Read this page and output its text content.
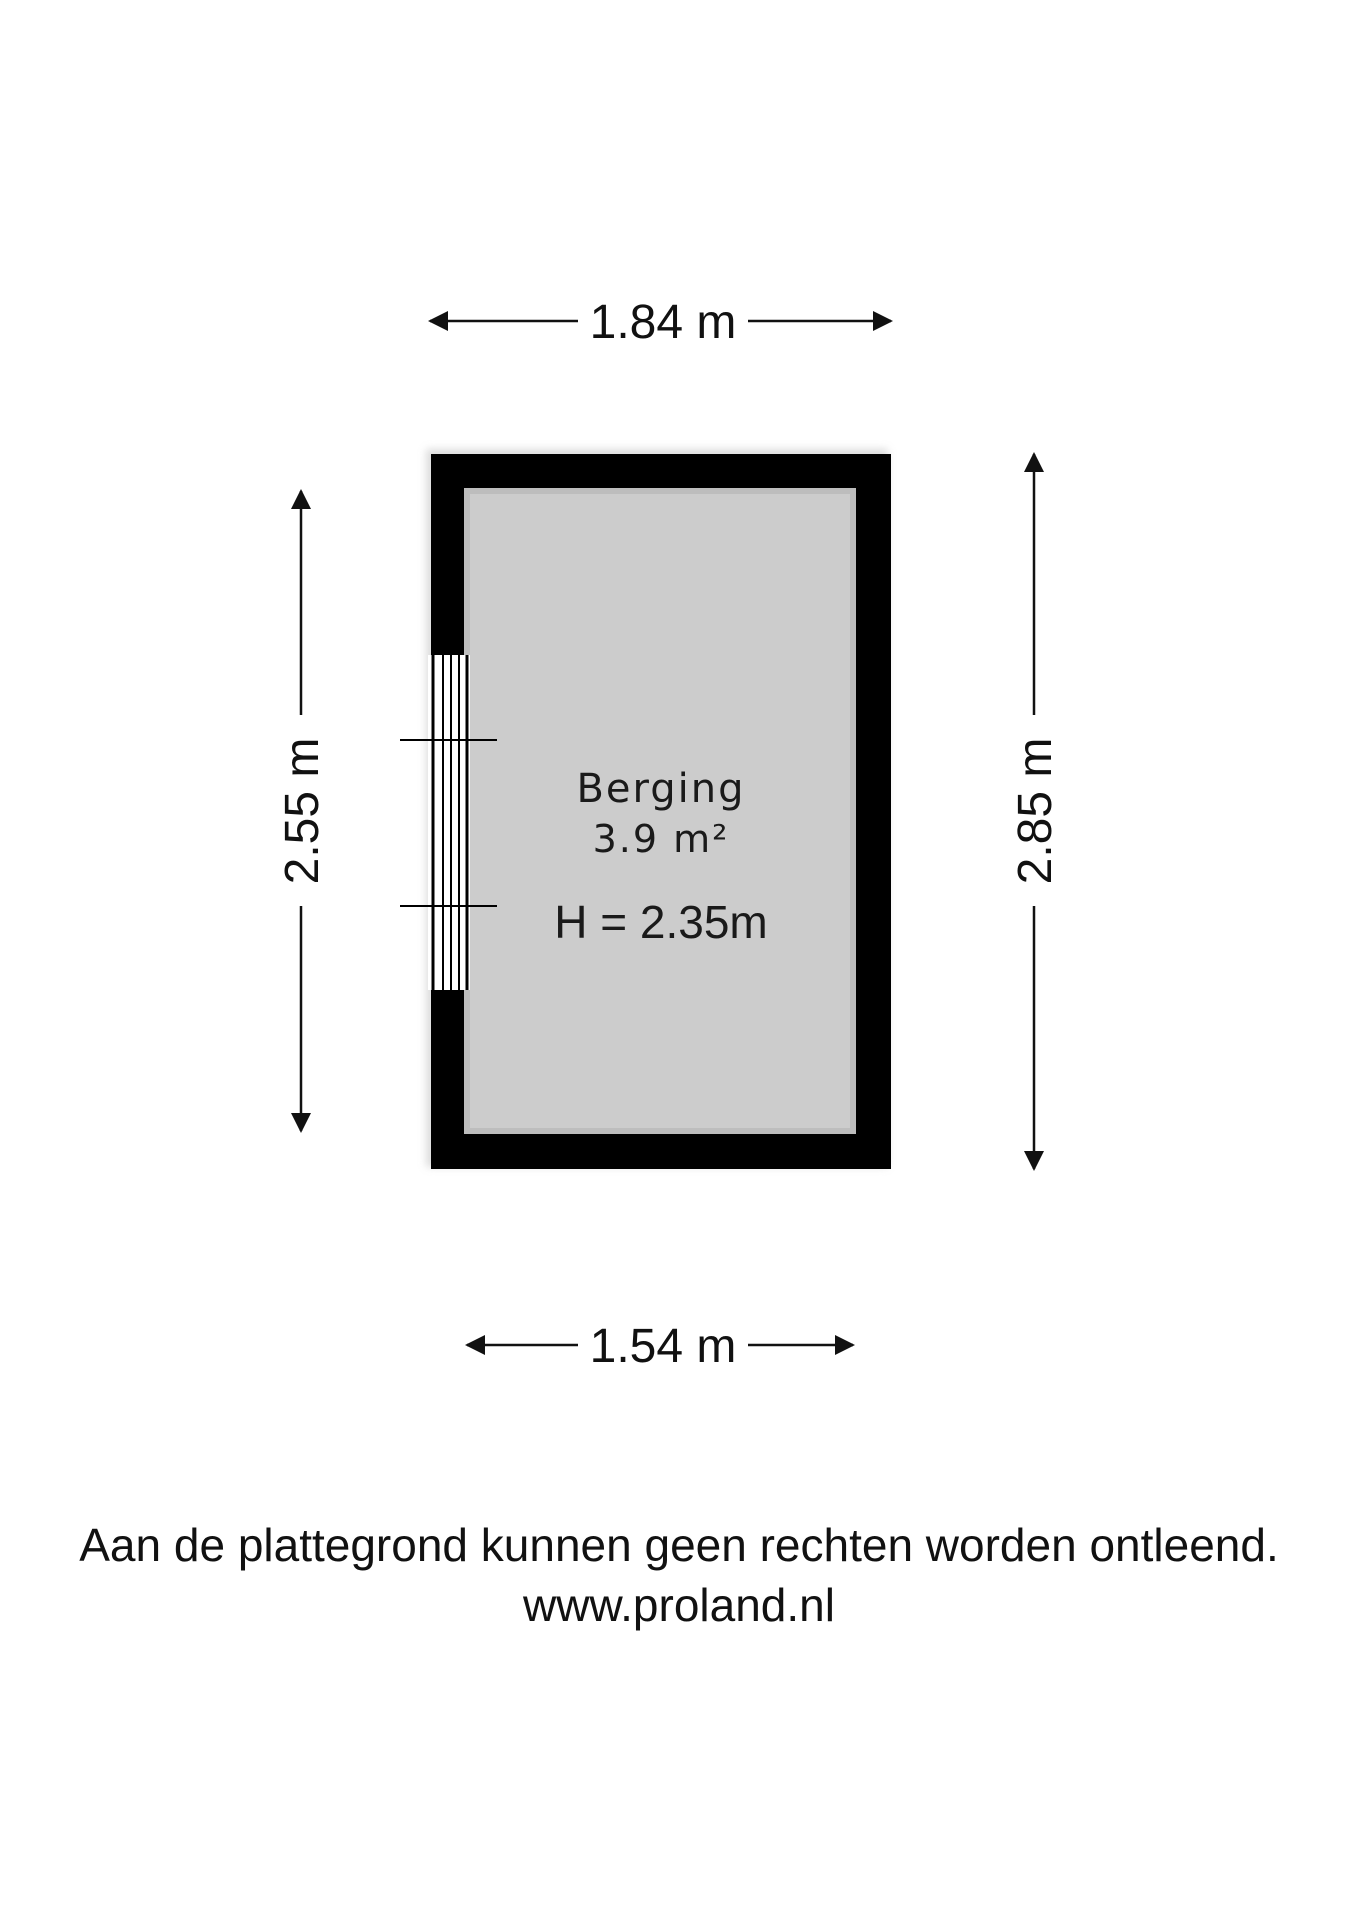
Berging
3.9 m²
H = 2.35m
1.84 m
1.54 m
2.55 m	2.85 m
Aan de plattegrond kunnen geen rechten worden ontleend.
www.proland.nl
